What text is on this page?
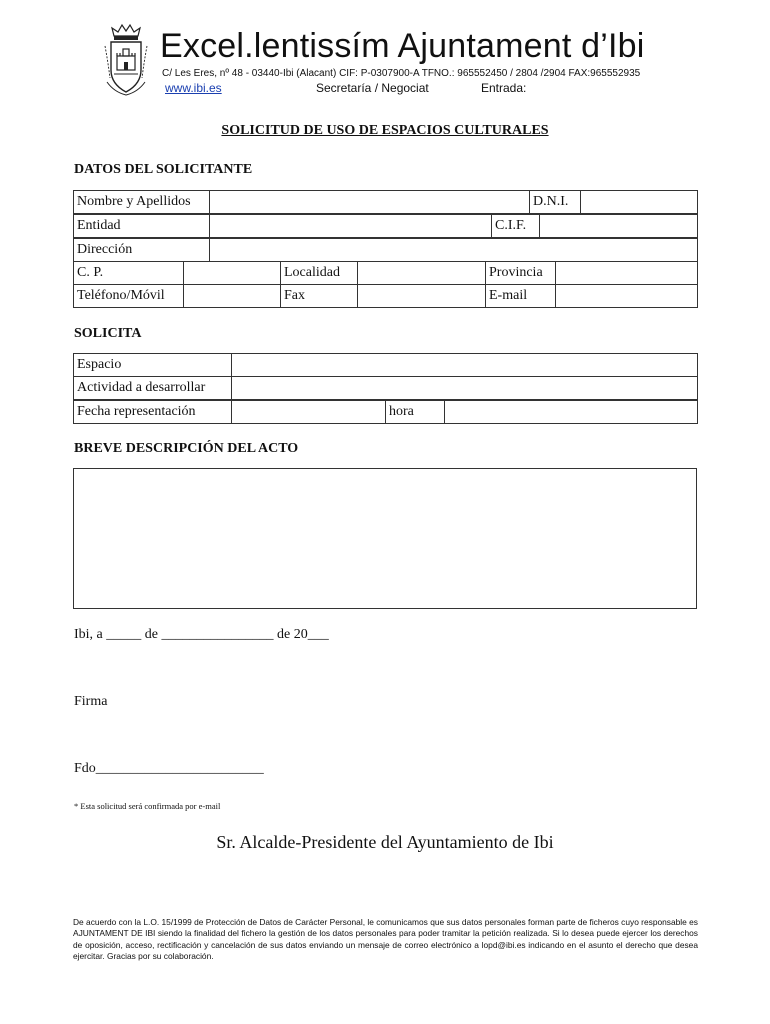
Excel.lentissím Ajuntament d’Ibi
C/ Les Eres, nº 48 - 03440-Ibi (Alacant) CIF: P-0307900-A TFNO.: 965552450 / 2804 /2904 FAX:965552935
www.ibi.es	Secretaría / Negociat	Entrada:
SOLICITUD DE USO DE ESPACIOS CULTURALES
DATOS DEL SOLICITANTE
Nombre y Apellidos		D.N.I.	
Entidad		C.I.F.	
Dirección	
C. P.		Localidad		Provincia	
Teléfono/Móvil		Fax		E-mail	
SOLICITA
Espacio	
Actividad a desarrollar	
Fecha representación		hora	
BREVE DESCRIPCIÓN DEL ACTO
Ibi, a _____ de ________________ de 20___
Firma
Fdo________________________
* Esta solicitud será confirmada por e-mail
Sr. Alcalde-Presidente del Ayuntamiento de Ibi
De acuerdo con la L.O. 15/1999 de Protección de Datos de Carácter Personal, le comunicamos que sus datos personales forman parte de ficheros cuyo responsable es AJUNTAMENT DE IBI siendo la finalidad del fichero la gestión de los datos personales para poder tramitar la petición realizada. Si lo desea puede ejercer los derechos de oposición, acceso, rectificación y cancelación de sus datos enviando un mensaje de correo electrónico a lopd@ibi.es indicando en el asunto el derecho que desea ejercitar. Gracias por su colaboración.
